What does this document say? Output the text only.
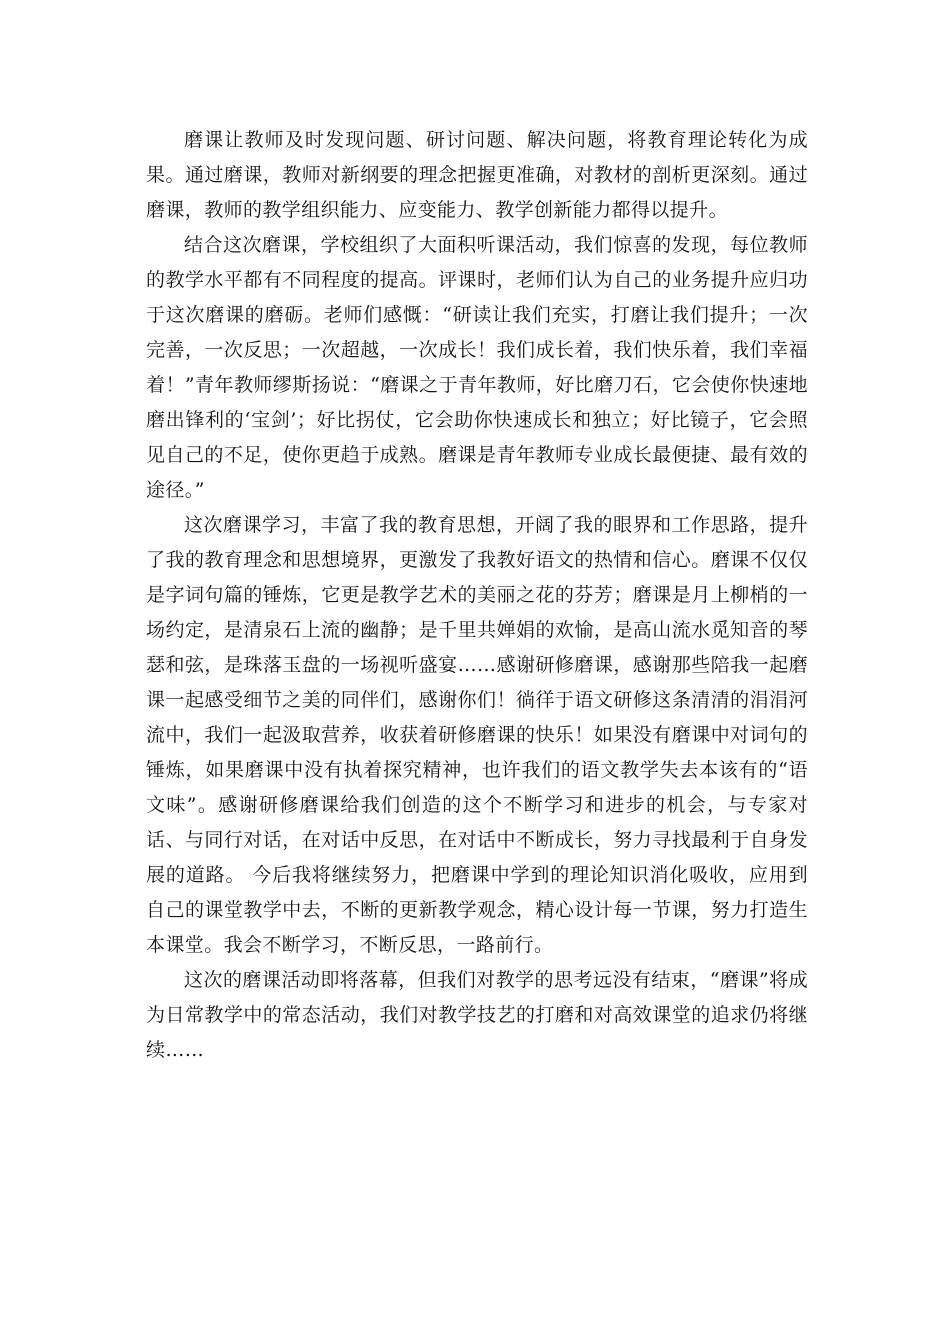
磨课让教师及时发现问题、研讨问题、解决问题，将教育理论转化为成果。通过磨课，教师对新纲要的理念把握更准确，对教材的剖析更深刻。通过磨课，教师的教学组织能力、应变能力、教学创新能力都得以提升。

结合这次磨课，学校组织了大面积听课活动，我们惊喜的发现，每位教师的教学水平都有不同程度的提高。评课时，老师们认为自己的业务提升应归功于这次磨课的磨砺。老师们感慨：“研读让我们充实，打磨让我们提升；一次完善，一次反思；一次超越，一次成长！我们成长着，我们快乐着，我们幸福着！”青年教师缪斯扬说：“磨课之于青年教师，好比磨刀石，它会使你快速地磨出锋利的‘宝剑’；好比拐仗，它会助你快速成长和独立；好比镜子，它会照见自己的不足，使你更趋于成熟。磨课是青年教师专业成长最便捷、最有效的途径。”

这次磨课学习，丰富了我的教育思想，开阔了我的眼界和工作思路，提升了我的教育理念和思想境界，更激发了我教好语文的热情和信心。磨课不仅仅是字词句篇的锤炼，它更是教学艺术的美丽之花的芬芳；磨课是月上柳梢的一场约定，是清泉石上流的幽静；是千里共婵娟的欢愉，是高山流水觅知音的琴瑟和弦，是珠落玉盘的一场视听盛宴……感谢研修磨课，感谢那些陪我一起磨课一起感受细节之美的同伴们，感谢你们！徜徉于语文研修这条清清的涓涓河流中，我们一起汲取营养，收获着研修磨课的快乐！如果没有磨课中对词句的锤炼，如果磨课中没有执着探究精神，也许我们的语文教学失去本该有的“语文味”。感谢研修磨课给我们创造的这个不断学习和进步的机会，与专家对话、与同行对话，在对话中反思，在对话中不断成长，努力寻找最利于自身发展的道路。 今后我将继续努力，把磨课中学到的理论知识消化吸收，应用到自己的课堂教学中去，不断的更新教学观念，精心设计每一节课，努力打造生本课堂。我会不断学习，不断反思，一路前行。

这次的磨课活动即将落幕，但我们对教学的思考远没有结束，“磨课”将成为日常教学中的常态活动，我们对教学技艺的打磨和对高效课堂的追求仍将继续……
